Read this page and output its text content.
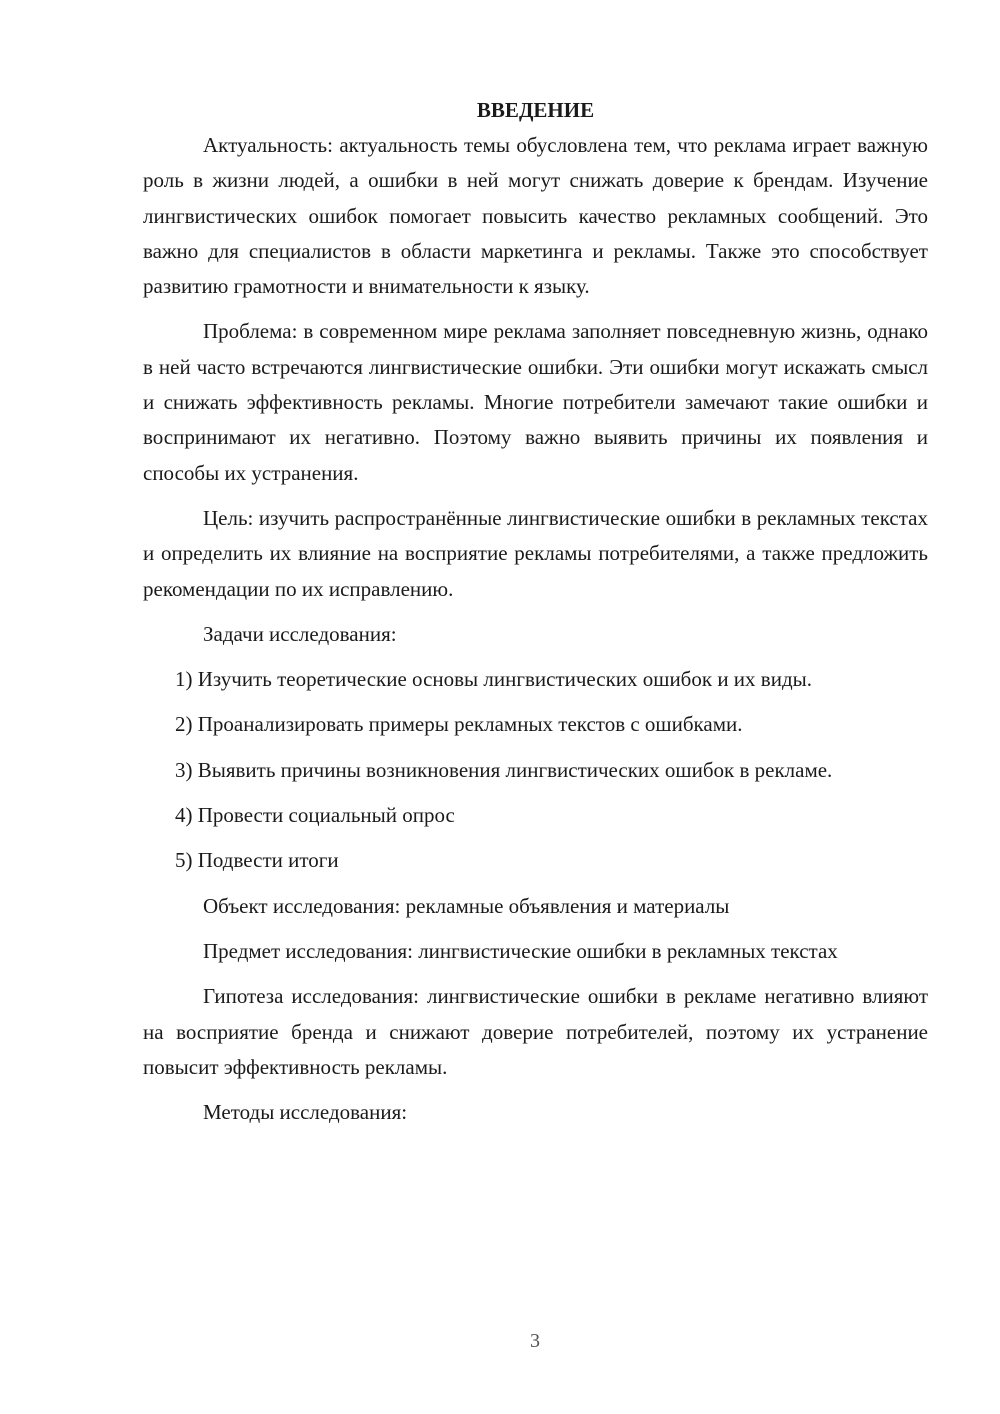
ВВЕДЕНИЕ

Актуальность: актуальность темы обусловлена тем, что реклама играет важную роль в жизни людей, а ошибки в ней могут снижать доверие к брендам. Изучение лингвистических ошибок помогает повысить качество рекламных сообщений. Это важно для специалистов в области маркетинга и рекламы. Также это способствует развитию грамотности и внимательности к языку.

Проблема: в современном мире реклама заполняет повседневную жизнь, однако в ней часто встречаются лингвистические ошибки. Эти ошибки могут искажать смысл и снижать эффективность рекламы. Многие потребители замечают такие ошибки и воспринимают их негативно. Поэтому важно выявить причины их появления и способы их устранения.

Цель: изучить распространённые лингвистические ошибки в рекламных текстах и определить их влияние на восприятие рекламы потребителями, а также предложить рекомендации по их исправлению.

Задачи исследования:

1) Изучить теоретические основы лингвистических ошибок и их виды.

2) Проанализировать примеры рекламных текстов с ошибками.

3) Выявить причины возникновения лингвистических ошибок в рекламе.

4) Провести социальный опрос

5) Подвести итоги

Объект исследования: рекламные объявления и материалы

Предмет исследования: лингвистические ошибки в рекламных текстах

Гипотеза исследования: лингвистические ошибки в рекламе негативно влияют на восприятие бренда и снижают доверие потребителей, поэтому их устранение повысит эффективность рекламы.

Методы исследования:

3
